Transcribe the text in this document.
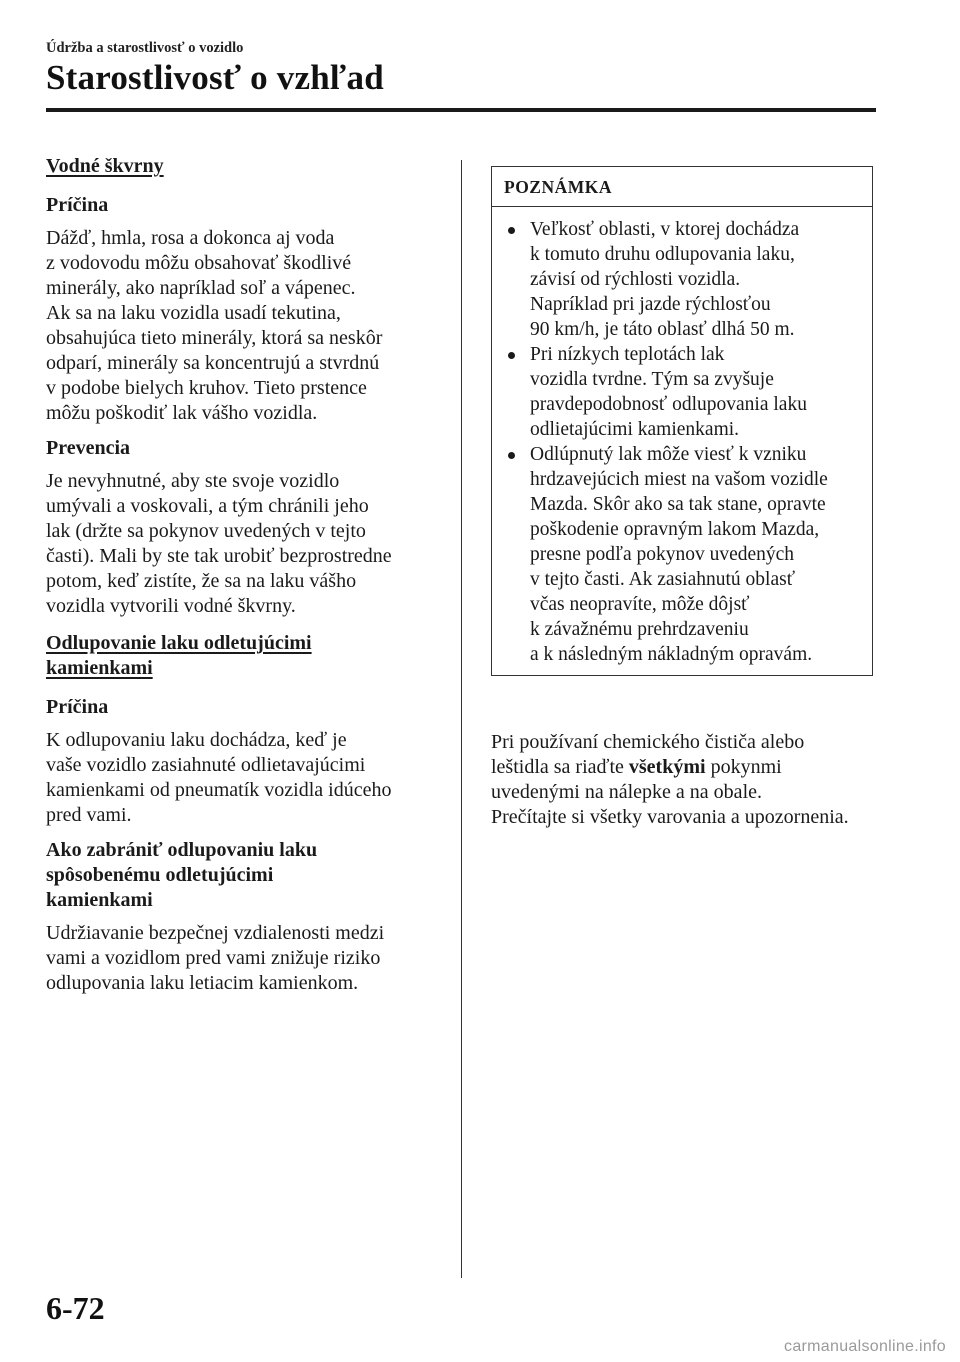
Údržba a starostlivosť o vozidlo
Starostlivosť o vzhľad
Vodné škvrny
Príčina
Dážď, hmla, rosa a dokonca aj voda
z vodovodu môžu obsahovať škodlivé
minerály, ako napríklad soľ a vápenec.
Ak sa na laku vozidla usadí tekutina,
obsahujúca tieto minerály, ktorá sa neskôr
odparí, minerály sa koncentrujú a stvrdnú
v podobe bielych kruhov. Tieto prstence
môžu poškodiť lak vášho vozidla.
Prevencia
Je nevyhnutné, aby ste svoje vozidlo
umývali a voskovali, a tým chránili jeho
lak (držte sa pokynov uvedených v tejto
časti). Mali by ste tak urobiť bezprostredne
potom, keď zistíte, že sa na laku vášho
vozidla vytvorili vodné škvrny.
Odlupovanie laku odletujúcimi
kamienkami
Príčina
K odlupovaniu laku dochádza, keď je
vaše vozidlo zasiahnuté odlietavajúcimi
kamienkami od pneumatík vozidla idúceho
pred vami.
Ako zabrániť odlupovaniu laku
spôsobenému odletujúcimi
kamienkami
Udržiavanie bezpečnej vzdialenosti medzi
vami a vozidlom pred vami znižuje riziko
odlupovania laku letiacim kamienkom.
POZNÁMKA
Veľkosť oblasti, v ktorej dochádza
k tomuto druhu odlupovania laku,
závisí od rýchlosti vozidla.
Napríklad pri jazde rýchlosťou
90 km/h, je táto oblasť dlhá 50 m.
Pri nízkych teplotách lak
vozidla tvrdne. Tým sa zvyšuje
pravdepodobnosť odlupovania laku
odlietajúcimi kamienkami.
Odlúpnutý lak môže viesť k vzniku
hrdzavejúcich miest na vašom vozidle
Mazda. Skôr ako sa tak stane, opravte
poškodenie opravným lakom Mazda,
presne podľa pokynov uvedených
v tejto časti. Ak zasiahnutú oblasť
včas neopravíte, môže dôjsť
k závažnému prehrdzaveniu
a k následným nákladným opravám.
Pri používaní chemického čističa alebo
leštidla sa riaďte všetkými pokynmi
uvedenými na nálepke a na obale.
Prečítajte si všetky varovania a upozornenia.
6-72
carmanualsonline.info
